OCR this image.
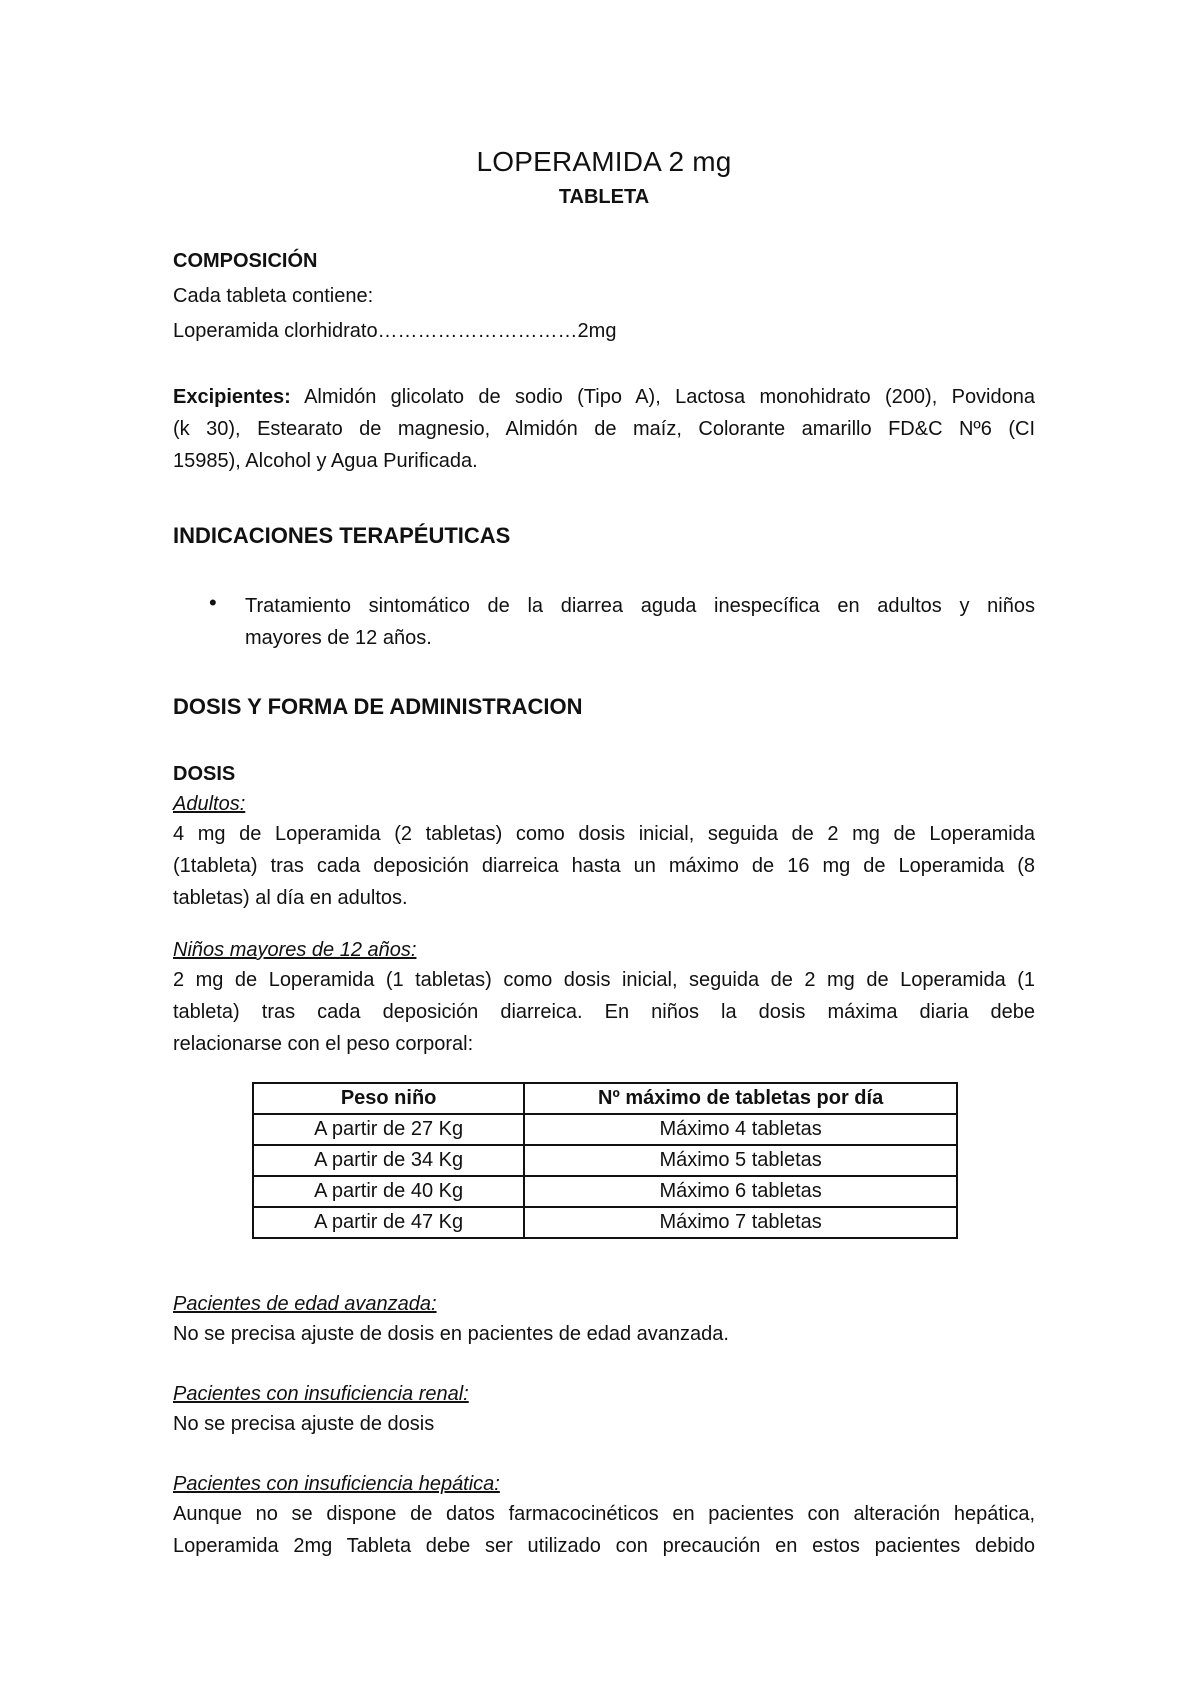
LOPERAMIDA 2 mg
TABLETA
COMPOSICIÓN
Cada tableta contiene:
Loperamida clorhidrato…………………………2mg
Excipientes: Almidón glicolato de sodio (Tipo A), Lactosa monohidrato (200), Povidona
(k 30), Estearato de magnesio, Almidón de maíz, Colorante amarillo FD&C Nº6 (CI
15985), Alcohol y Agua Purificada.
INDICACIONES TERAPÉUTICAS
• Tratamiento sintomático de la diarrea aguda inespecífica en adultos y niños
mayores de 12 años.
DOSIS Y FORMA DE ADMINISTRACION
DOSIS
Adultos:
4 mg de Loperamida (2 tabletas) como dosis inicial, seguida de 2 mg de Loperamida
(1tableta) tras cada deposición diarreica hasta un máximo de 16 mg de Loperamida (8
tabletas) al día en adultos.
Niños mayores de 12 años:
2 mg de Loperamida (1 tabletas) como dosis inicial, seguida de 2 mg de Loperamida (1
tableta) tras cada deposición diarreica. En niños la dosis máxima diaria debe
relacionarse con el peso corporal:
Peso niño	Nº máximo de tabletas por día
A partir de 27 Kg	Máximo 4 tabletas
A partir de 34 Kg	Máximo 5 tabletas
A partir de 40 Kg	Máximo 6 tabletas
A partir de 47 Kg	Máximo 7 tabletas
Pacientes de edad avanzada:
No se precisa ajuste de dosis en pacientes de edad avanzada.
Pacientes con insuficiencia renal:
No se precisa ajuste de dosis
Pacientes con insuficiencia hepática:
Aunque no se dispone de datos farmacocinéticos en pacientes con alteración hepática,
Loperamida 2mg Tableta debe ser utilizado con precaución en estos pacientes debido
